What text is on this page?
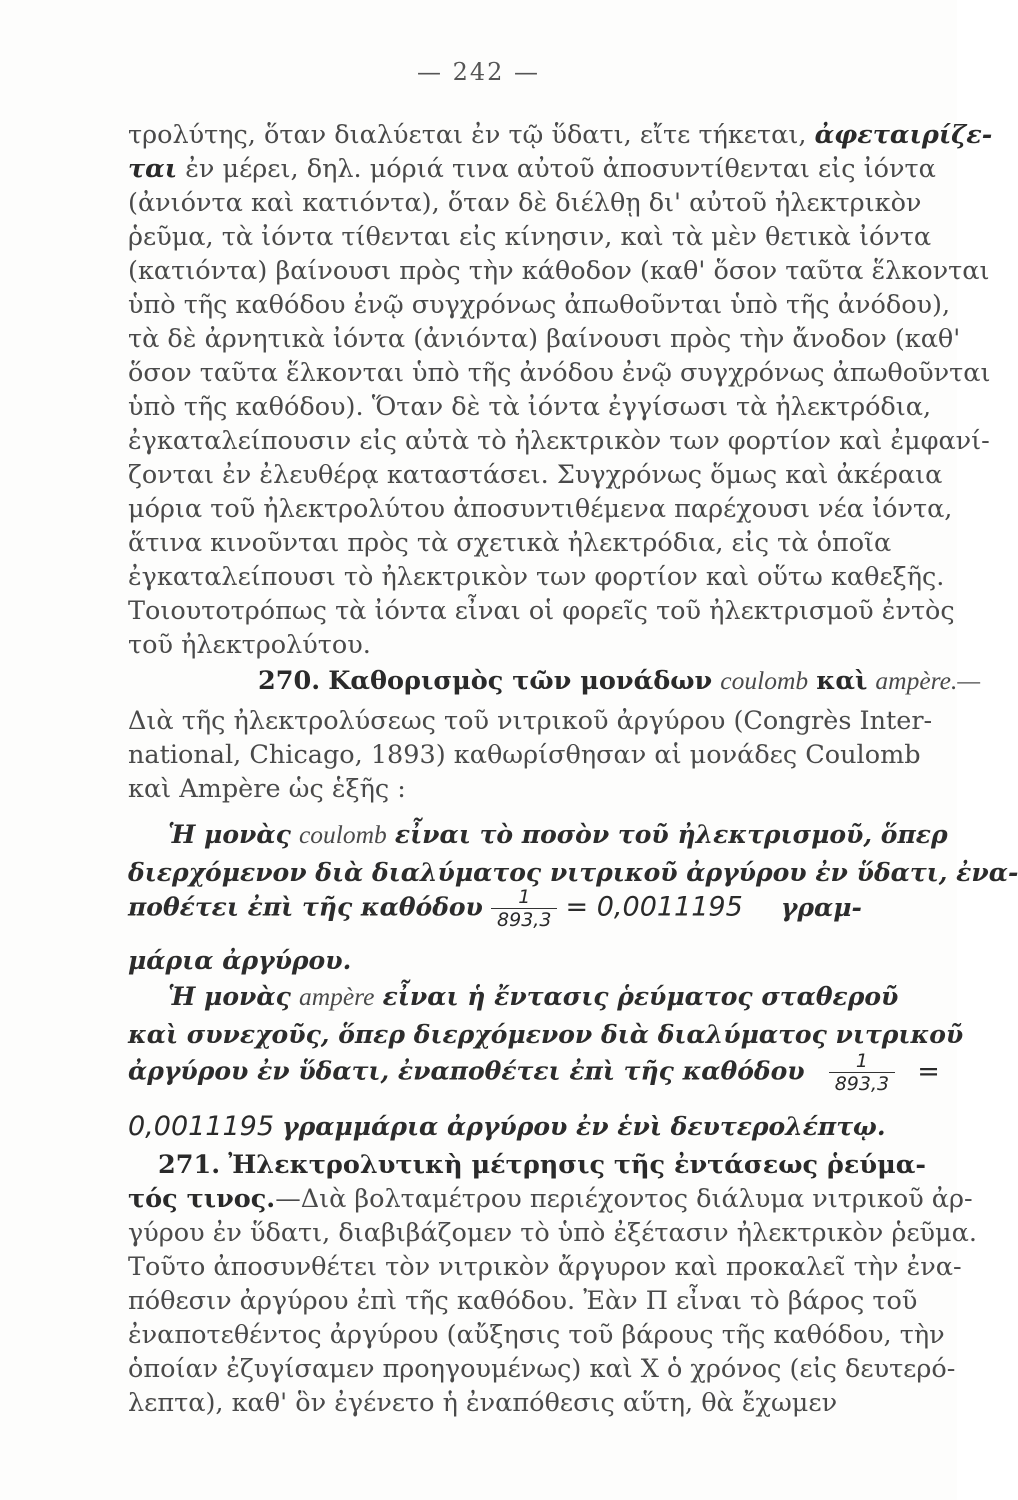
— 242 —
τρολύτης, ὅταν διαλύεται ἐν τῷ ὕδατι, εἴτε τήκεται, ἀφεταιρίζε-
ται ἐν μέρει, δηλ. μόριά τινα αὐτοῦ ἀποσυντίθενται εἰς ἰόντα
(ἀνιόντα καὶ κατιόντα), ὅταν δὲ διέλθῃ δι' αὐτοῦ ἠλεκτρικὸν
ῥεῦμα, τὰ ἰόντα τίθενται εἰς κίνησιν, καὶ τὰ μὲν θετικὰ ἰόντα
(κατιόντα) βαίνουσι πρὸς τὴν κάθοδον (καθ' ὅσον ταῦτα ἕλκονται
ὑπὸ τῆς καθόδου ἐνῷ συγχρόνως ἀπωθοῦνται ὑπὸ τῆς ἀνόδου),
τὰ δὲ ἀρνητικὰ ἰόντα (ἀνιόντα) βαίνουσι πρὸς τὴν ἄνοδον (καθ'
ὅσον ταῦτα ἕλκονται ὑπὸ τῆς ἀνόδου ἐνῷ συγχρόνως ἀπωθοῦνται
ὑπὸ τῆς καθόδου). Ὅταν δὲ τὰ ἰόντα ἐγγίσωσι τὰ ἠλεκτρόδια,
ἐγκαταλείπουσιν εἰς αὐτὰ τὸ ἠλεκτρικὸν των φορτίον καὶ ἐμφανί-
ζονται ἐν ἐλευθέρᾳ καταστάσει. Συγχρόνως ὅμως καὶ ἀκέραια
μόρια τοῦ ἠλεκτρολύτου ἀποσυντιθέμενα παρέχουσι νέα ἰόντα,
ἅτινα κινοῦνται πρὸς τὰ σχετικὰ ἠλεκτρόδια, εἰς τὰ ὁποῖα
ἐγκαταλείπουσι τὸ ἠλεκτρικὸν των φορτίον καὶ οὕτω καθεξῆς.
Τοιουτοτρόπως τὰ ἰόντα εἶναι οἱ φορεῖς τοῦ ἠλεκτρισμοῦ ἐντὸς
τοῦ ἠλεκτρολύτου.
270. Καθορισμὸς τῶν μονάδων coulomb καὶ ampère.—
Διὰ τῆς ἠλεκτρολύσεως τοῦ νιτρικοῦ ἀργύρου (Congrès Inter-
national, Chicago, 1893) καθωρίσθησαν αἱ μονάδες Coulomb
καὶ Ampère ὡς ἑξῆς :
Ἡ μονὰς coulomb εἶναι τὸ ποσὸν τοῦ ἠλεκτρισμοῦ, ὅπερ
διερχόμενον διὰ διαλύματος νιτρικοῦ ἀργύρου ἐν ὕδατι, ἐνα-
ποθέτει ἐπὶ τῆς καθόδου $\frac{1}{893,3} = 0,0011195$ γραμ-
μάρια ἀργύρου.
Ἡ μονὰς ampère εἶναι ἡ ἔντασις ῥεύματος σταθεροῦ
καὶ συνεχοῦς, ὅπερ διερχόμενον διὰ διαλύματος νιτρικοῦ
ἀργύρου ἐν ὕδατι, ἐναποθέτει ἐπὶ τῆς καθόδου $\frac{1}{893,3}$ =
0,0011195 γραμμάρια ἀργύρου ἐν ἑνὶ δευτερολέπτῳ.
271. Ἠλεκτρολυτικὴ μέτρησις τῆς ἐντάσεως ῥεύμα-
τός τινος.—Διὰ βολταμέτρου περιέχοντος διάλυμα νιτρικοῦ ἀρ-
γύρου ἐν ὕδατι, διαβιβάζομεν τὸ ὑπὸ ἐξέτασιν ἠλεκτρικὸν ῥεῦμα.
Τοῦτο ἀποσυνθέτει τὸν νιτρικὸν ἄργυρον καὶ προκαλεῖ τὴν ἐνα-
πόθεσιν ἀργύρου ἐπὶ τῆς καθόδου. Ἐὰν Π εἶναι τὸ βάρος τοῦ
ἐναποτεθέντος ἀργύρου (αὔξησις τοῦ βάρους τῆς καθόδου, τὴν
ὁποίαν ἐζυγίσαμεν προηγουμένως) καὶ Χ ὁ χρόνος (εἰς δευτερό-
λεπτα), καθ' ὃν ἐγένετο ἡ ἐναπόθεσις αὕτη, θὰ ἔχωμεν
